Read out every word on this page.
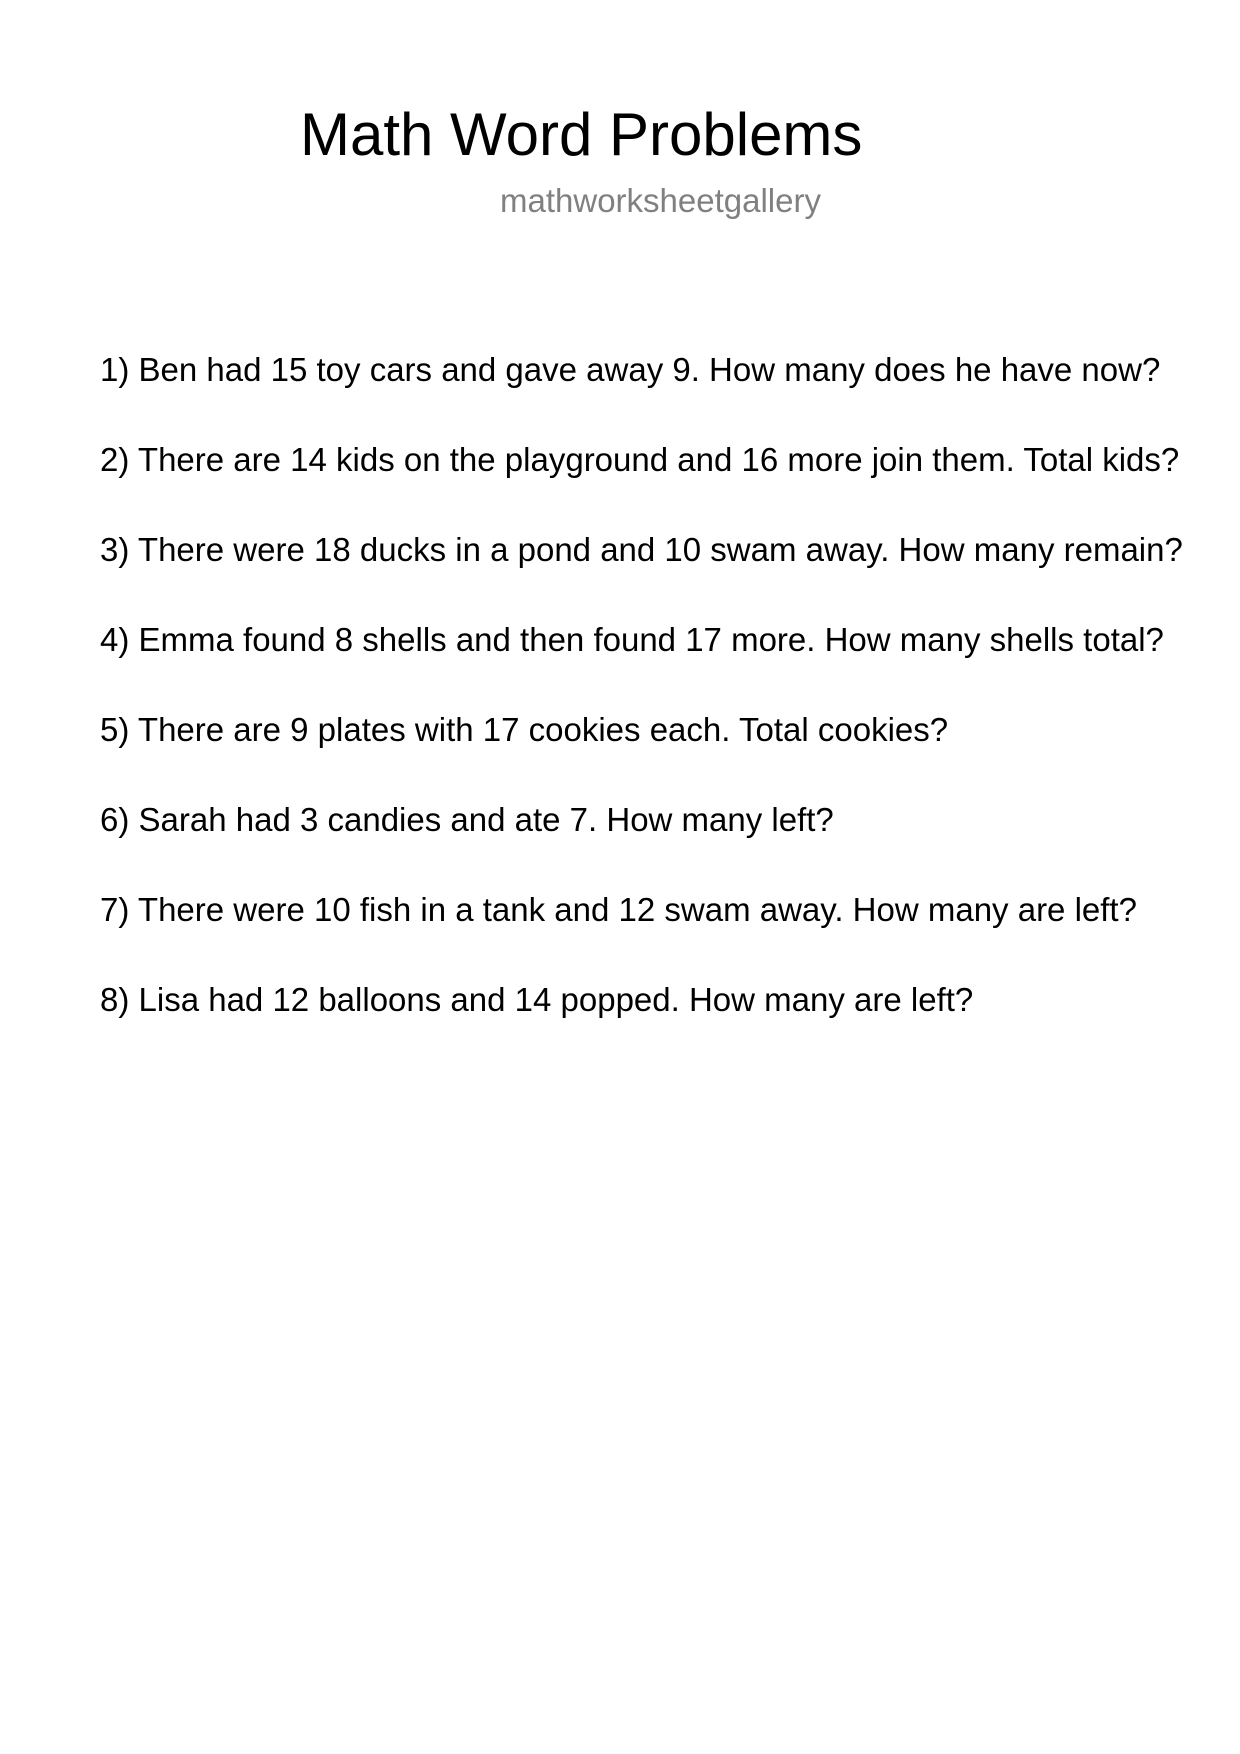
Math Word Problems
mathworksheetgallery
1) Ben had 15 toy cars and gave away 9. How many does he have now?
2) There are 14 kids on the playground and 16 more join them. Total kids?
3) There were 18 ducks in a pond and 10 swam away. How many remain?
4) Emma found 8 shells and then found 17 more. How many shells total?
5) There are 9 plates with 17 cookies each. Total cookies?
6) Sarah had 3 candies and ate 7. How many left?
7) There were 10 fish in a tank and 12 swam away. How many are left?
8) Lisa had 12 balloons and 14 popped. How many are left?
